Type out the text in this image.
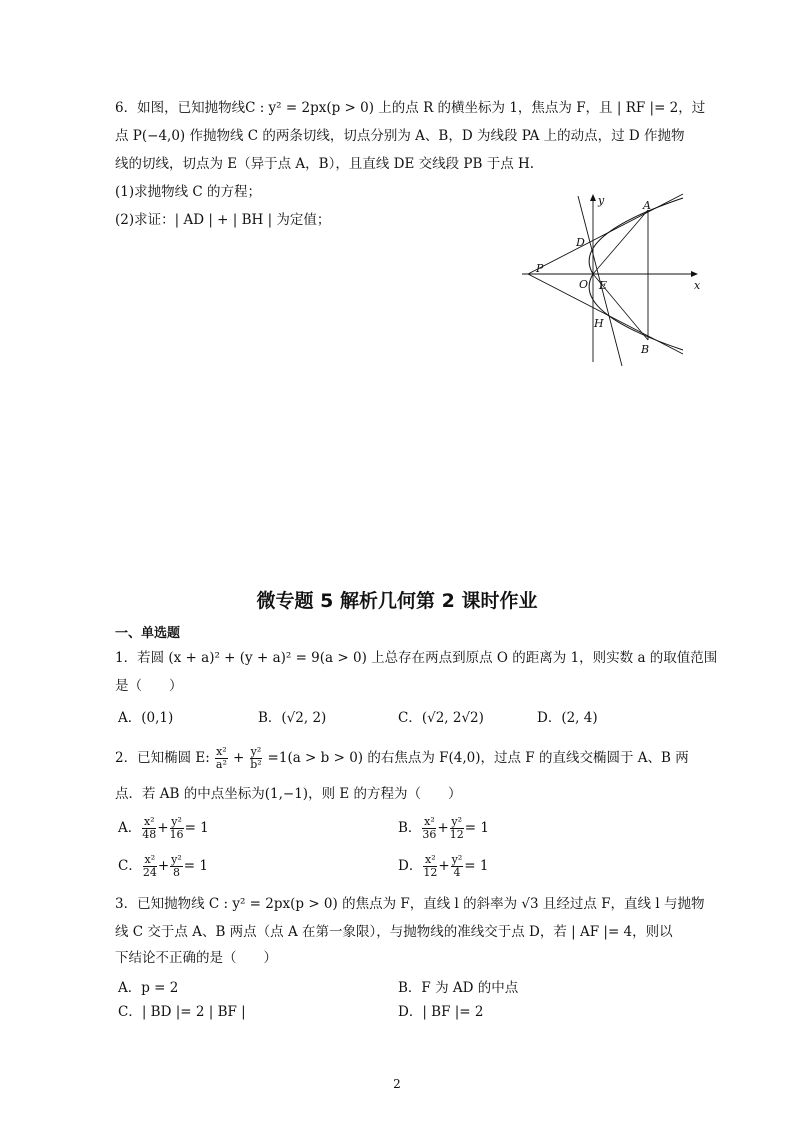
6．如图，已知抛物线C : y² = 2px(p > 0) 上的点 R 的横坐标为 1，焦点为 F，且 | RF |= 2，过
点 P(−4,0) 作抛物线 C 的两条切线，切点分别为 A、B，D 为线段 PA 上的动点，过 D 作抛物
线的切线，切点为 E（异于点 A，B），且直线 DE 交线段 PB 于点 H.
(1)求抛物线 C 的方程；
(2)求证：| AD | + | BH | 为定值；
y
x
A
B
D
E
H
O
P
微专题 5 解析几何第 2 课时作业
一、单选题
1．若圆 (x + a)² + (y + a)² = 9(a > 0) 上总存在两点到原点 O 的距离为 1，则实数 a 的取值范围
是（　　）
A．(0,1)	B．(√2, 2)	C．(√2, 2√2)	D．(2, 4)
2．已知椭圆 E: $\frac{\text{x²}}{\text{a²}} + \frac{\text{y²}}{\text{b²}} =1(a > b > 0)$ 的右焦点为 F(4,0)，过点 F 的直线交椭圆于 A、B 两
点．若 AB 的中点坐标为(1,−1)，则 E 的方程为（　　）
A． $\frac{\text{x²}}{48} + \frac{\text{y²}}{16} = 1$	B． $\frac{\text{x²}}{36} + \frac{\text{y²}}{12} = 1$
C． $\frac{\text{x²}}{24} + \frac{\text{y²}}{8} = 1$	D． $\frac{\text{x²}}{12} + \frac{\text{y²}}{4} = 1$
3．已知抛物线 C : y² = 2px(p > 0) 的焦点为 F，直线 l 的斜率为 √3 且经过点 F，直线 l 与抛物
线 C 交于点 A、B 两点（点 A 在第一象限），与抛物线的准线交于点 D，若 | AF |= 4，则以
下结论不正确的是（　　）
A．p = 2	B．F 为 AD 的中点
C．| BD |= 2 | BF |	D．| BF |= 2
2
